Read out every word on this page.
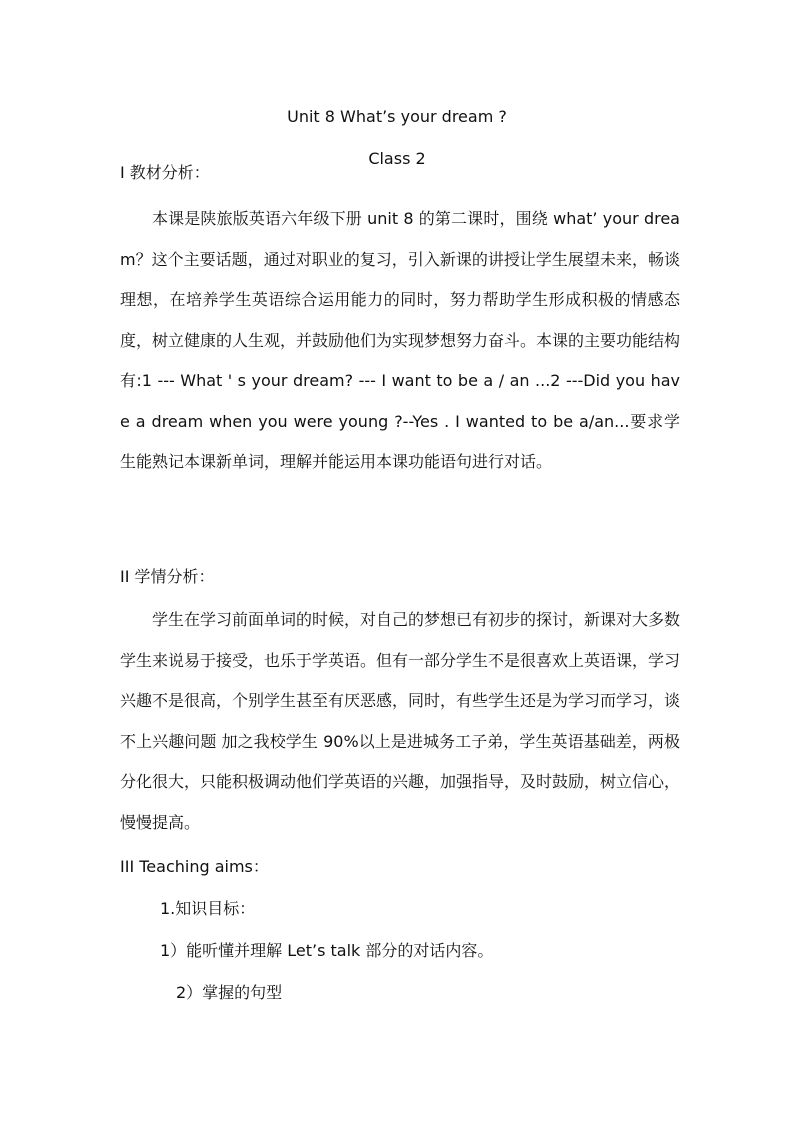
Unit 8 What’s your dream ?
Class 2
I 教材分析：

本课是陕旅版英语六年级下册 unit 8 的第二课时，围绕 what’ your dream？这个主要话题，通过对职业的复习，引入新课的讲授让学生展望未来，畅谈理想，在培养学生英语综合运用能力的同时，努力帮助学生形成积极的情感态度，树立健康的人生观，并鼓励他们为实现梦想努力奋斗。本课的主要功能结构有:1 --- What ' s your dream? --- I want to be a / an ...2 ---Did you have a dream when you were young ?--Yes . I wanted to be a/an...要求学生能熟记本课新单词，理解并能运用本课功能语句进行对话。

II 学情分析：

学生在学习前面单词的时候，对自己的梦想已有初步的探讨，新课对大多数学生来说易于接受，也乐于学英语。但有一部分学生不是很喜欢上英语课，学习兴趣不是很高，个别学生甚至有厌恶感，同时，有些学生还是为学习而学习，谈不上兴趣问题 加之我校学生 90%以上是进城务工子弟，学生英语基础差，两极分化很大，只能积极调动他们学英语的兴趣，加强指导，及时鼓励，树立信心，慢慢提高。

III Teaching aims：
1.知识目标：
1）能听懂并理解 Let’s talk 部分的对话内容。
2）掌握的句型
